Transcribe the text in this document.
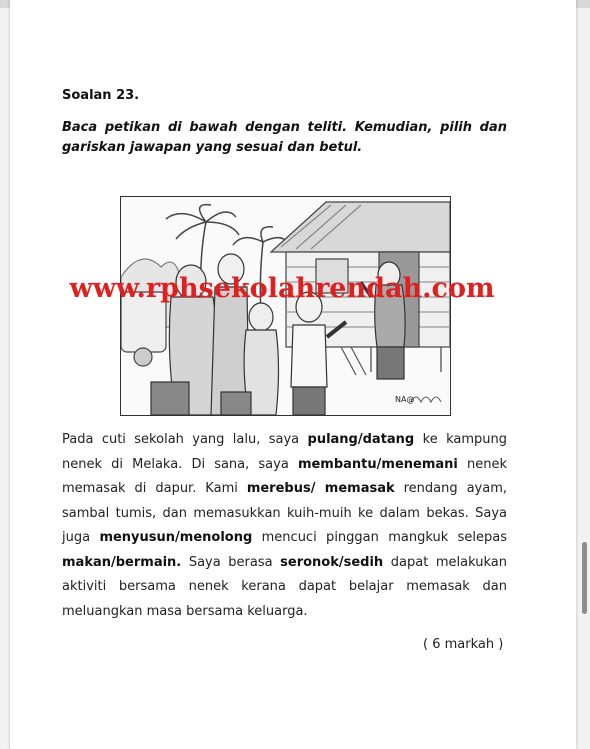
Soalan 23.
Baca petikan di bawah dengan teliti. Kemudian, pilih dan gariskan jawapan yang sesuai dan betul.
NA@
www.rphsekolahrendah.com
Pada cuti sekolah yang lalu, saya pulang/datang ke kampung nenek di Melaka. Di sana, saya membantu/menemani nenek memasak di dapur. Kami merebus/ memasak rendang ayam, sambal tumis, dan memasukkan kuih-muih ke dalam bekas. Saya juga menyusun/menolong mencuci pinggan mangkuk selepas makan/bermain. Saya berasa seronok/sedih dapat melakukan aktiviti bersama nenek kerana dapat belajar memasak dan meluangkan masa bersama keluarga.
( 6 markah )
